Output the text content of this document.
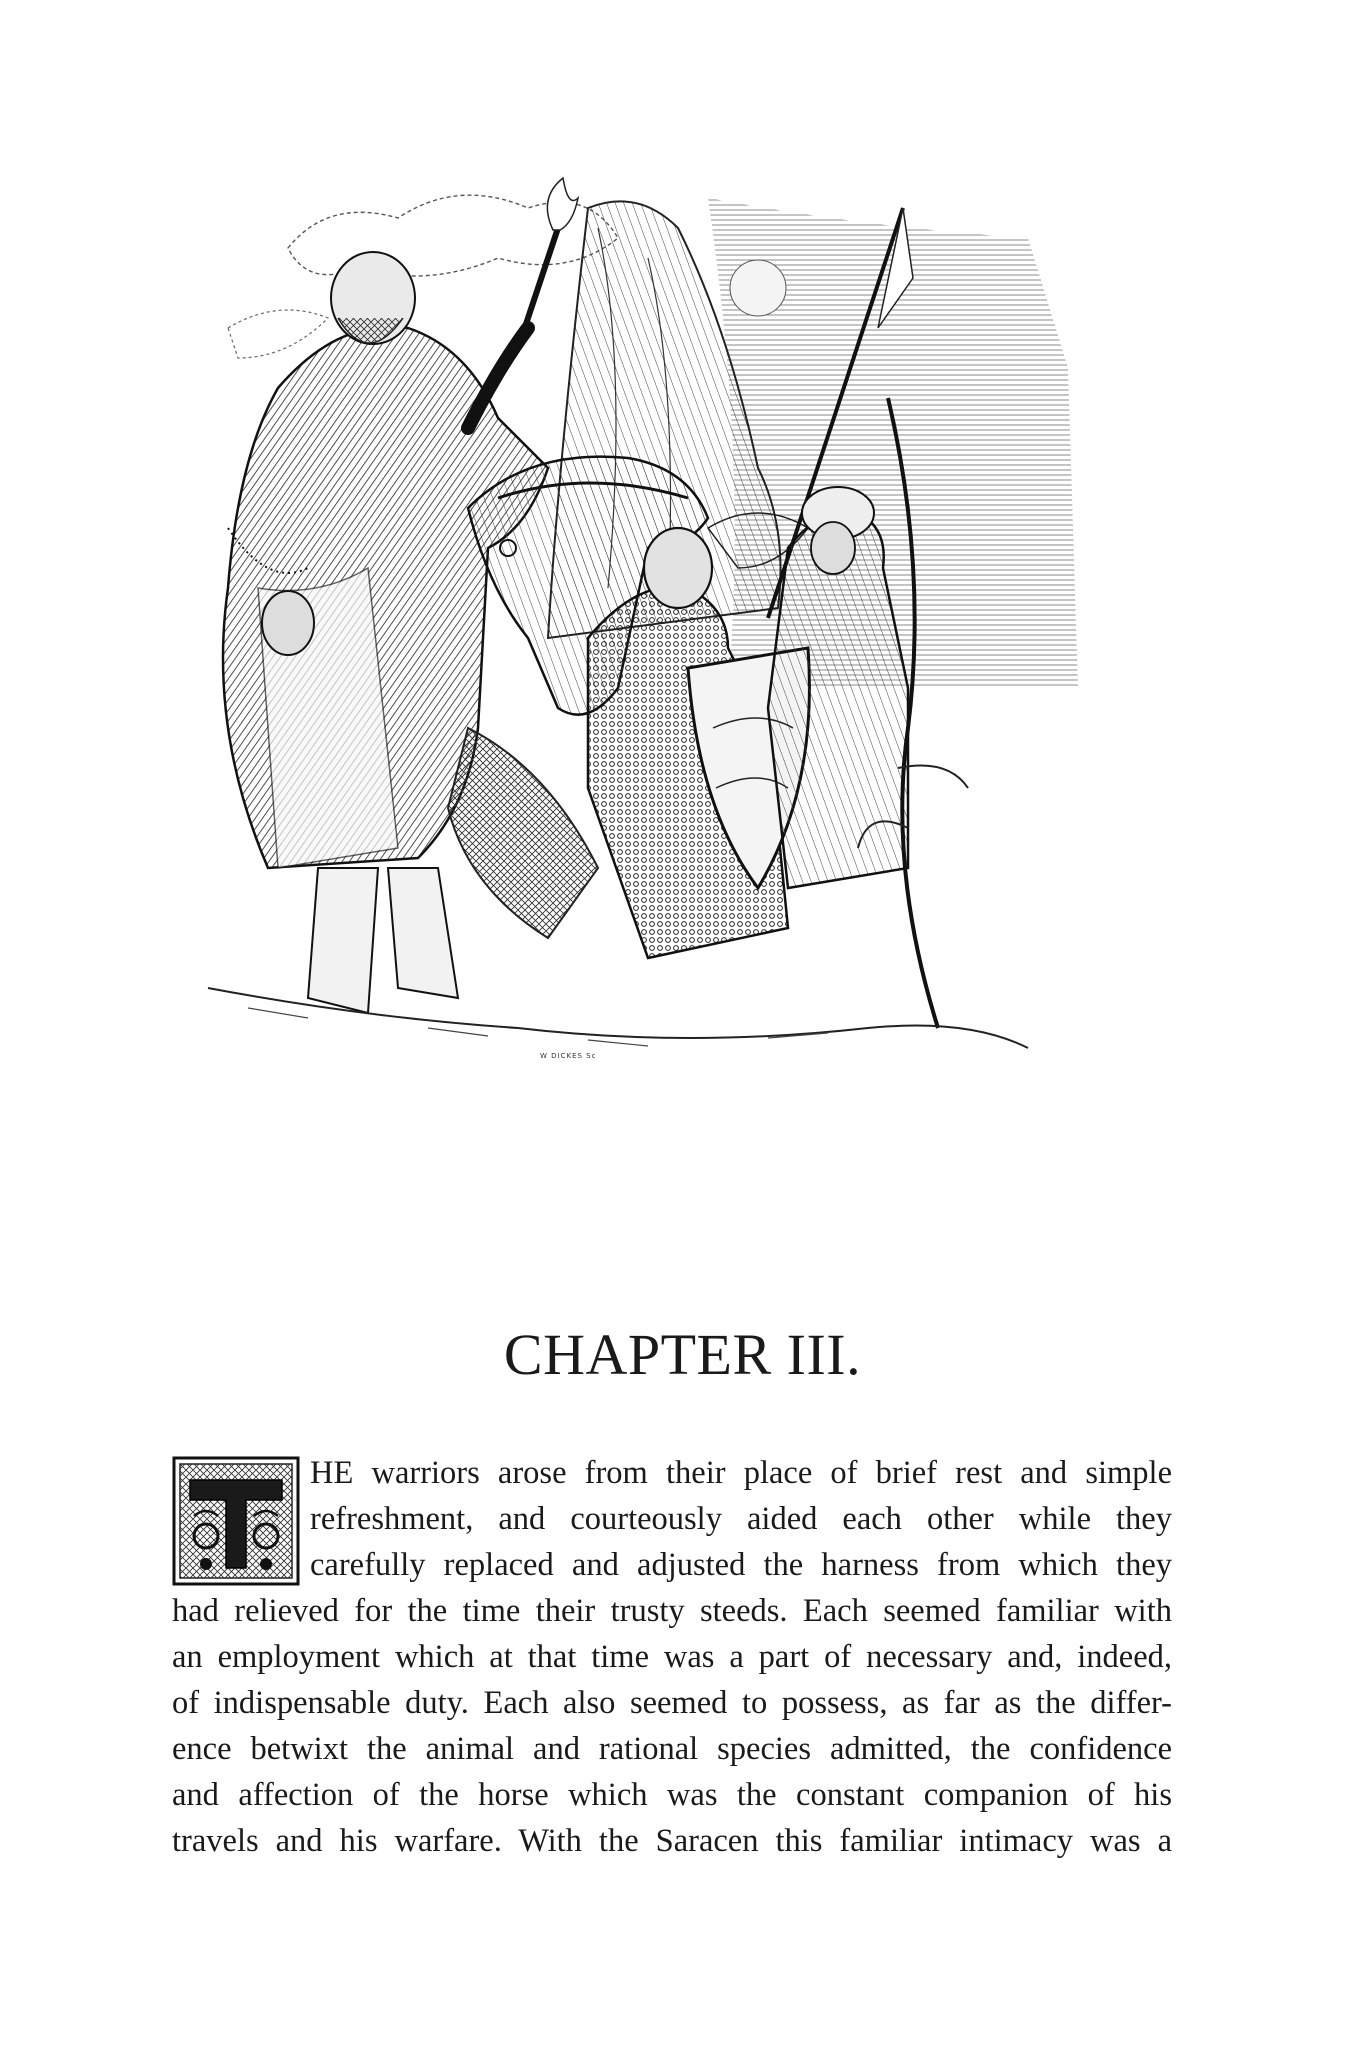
W DICKES Sc
CHAPTER III.
T
HE warriors arose from their place of brief rest and simple
refreshment, and courteously aided each other while they
carefully replaced and adjusted the harness from which they
had relieved for the time their trusty steeds. Each seemed familiar with
an employment which at that time was a part of necessary and, indeed,
of indispensable duty. Each also seemed to possess, as far as the differ-
ence betwixt the animal and rational species admitted, the confidence
and affection of the horse which was the constant companion of his
travels and his warfare. With the Saracen this familiar intimacy was a
